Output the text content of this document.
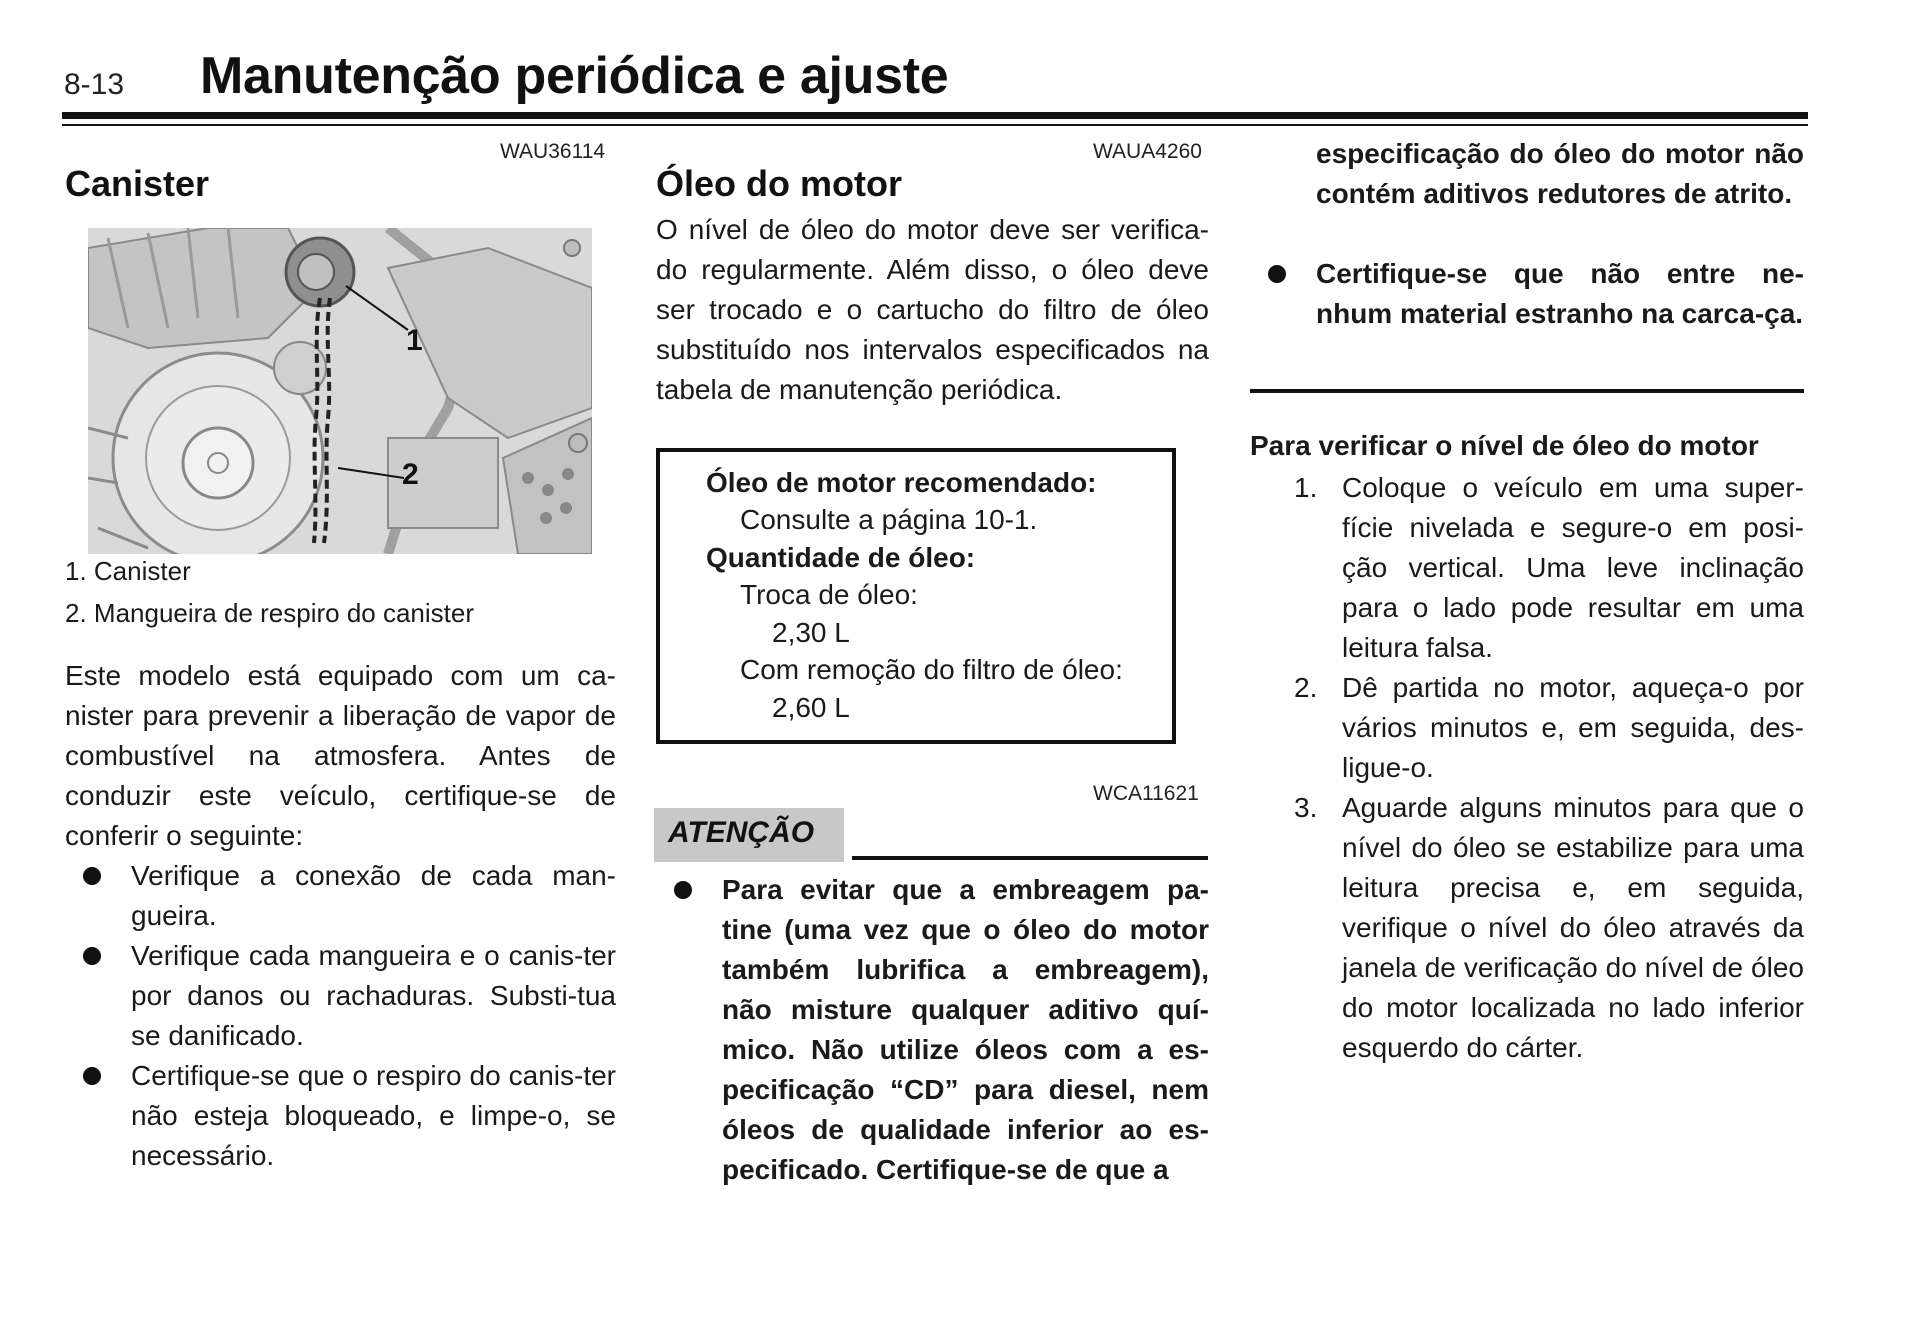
8-13 Manutenção periódica e ajuste
WAU36114
Canister
1
2
1. Canister
2. Mangueira de respiro do canister
Este modelo está equipado com um ca-nister para prevenir a liberação de vapor de combustível na atmosfera. Antes de conduzir este veículo, certifique-se de conferir o seguinte:
Verifique a conexão de cada man-gueira.
Verifique cada mangueira e o canis-ter por danos ou rachaduras. Substi-tua se danificado.
Certifique-se que o respiro do canis-ter não esteja bloqueado, e limpe-o, se necessário.
WAUA4260
Óleo do motor
O nível de óleo do motor deve ser verifica-do regularmente. Além disso, o óleo deve ser trocado e o cartucho do filtro de óleo substituído nos intervalos especificados na tabela de manutenção periódica.
Óleo de motor recomendado:
Consulte a página 10-1.
Quantidade de óleo:
Troca de óleo:
2,30 L
Com remoção do filtro de óleo:
2,60 L
WCA11621
ATENÇÃO
Para evitar que a embreagem pa-tine (uma vez que o óleo do motor também lubrifica a embreagem), não misture qualquer aditivo quí-mico. Não utilize óleos com a es-pecificação “CD” para diesel, nem óleos de qualidade inferior ao es-pecificado. Certifique-se de que a
especificação do óleo do motor não contém aditivos redutores de atrito.
Certifique-se que não entre ne-nhum material estranho na carca-ça.
Para verificar o nível de óleo do motor
1. Coloque o veículo em uma super-fície nivelada e segure-o em posi-ção vertical. Uma leve inclinação para o lado pode resultar em uma leitura falsa.
2. Dê partida no motor, aqueça-o por vários minutos e, em seguida, des-ligue-o.
3. Aguarde alguns minutos para que o nível do óleo se estabilize para uma leitura precisa e, em seguida, verifique o nível do óleo através da janela de verificação do nível de óleo do motor localizada no lado inferior esquerdo do cárter.
